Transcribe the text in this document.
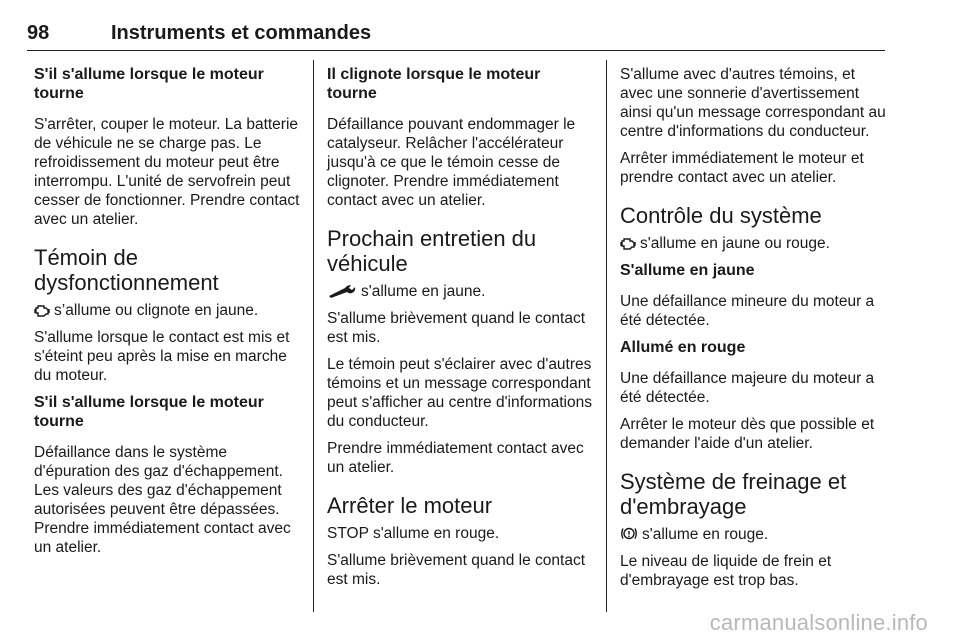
98	Instruments et commandes
S'il s'allume lorsque le moteur tourne

S'arrêter, couper le moteur. La batterie de véhicule ne se charge pas. Le refroidissement du moteur peut être interrompu. L'unité de servofrein peut cesser de fonctionner. Prendre contact avec un atelier.

Témoin de dysfonctionnement

s’allume ou clignote en jaune.

S'allume lorsque le contact est mis et s'éteint peu après la mise en marche du moteur.

S'il s'allume lorsque le moteur tourne

Défaillance dans le système d'épuration des gaz d'échappement. Les valeurs des gaz d'échappement autorisées peuvent être dépassées. Prendre immédiatement contact avec un atelier.

Il clignote lorsque le moteur tourne

Défaillance pouvant endommager le catalyseur. Relâcher l'accélérateur jusqu'à ce que le témoin cesse de clignoter. Prendre immédiatement contact avec un atelier.

Prochain entretien du véhicule

s'allume en jaune.

S'allume brièvement quand le contact est mis.

Le témoin peut s'éclairer avec d'autres témoins et un message correspondant peut s'afficher au centre d'informations du conducteur.

Prendre immédiatement contact avec un atelier.

Arrêter le moteur

STOP s'allume en rouge.

S'allume brièvement quand le contact est mis.

S'allume avec d'autres témoins, et avec une sonnerie d'avertissement ainsi qu'un message correspondant au centre d'informations du conducteur.

Arrêter immédiatement le moteur et prendre contact avec un atelier.

Contrôle du système

s'allume en jaune ou rouge.

S'allume en jaune

Une défaillance mineure du moteur a été détectée.

Allumé en rouge

Une défaillance majeure du moteur a été détectée.

Arrêter le moteur dès que possible et demander l'aide d'un atelier.

Système de freinage et d'embrayage

s'allume en rouge.

Le niveau de liquide de frein et d'embrayage est trop bas.

carmanualsonline.info
